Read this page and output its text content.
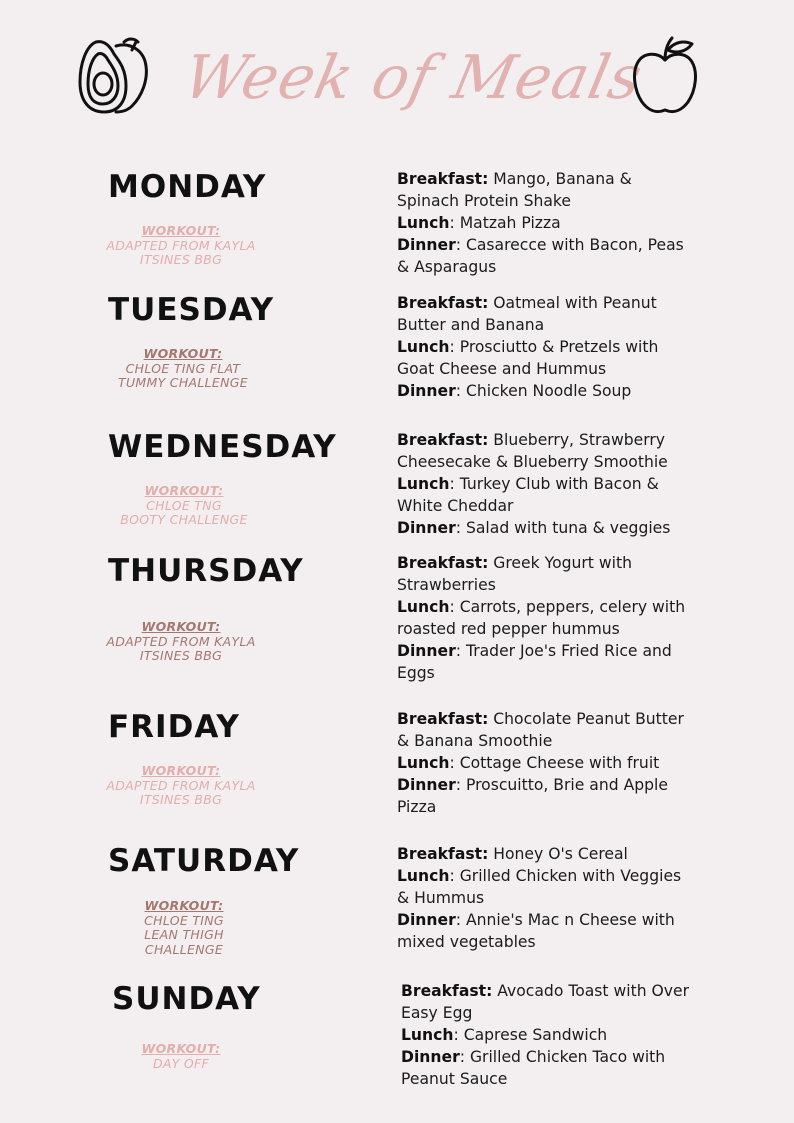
Week of Meals
MONDAY
WORKOUT:
ADAPTED FROM KAYLA
ITSINES BBG
Breakfast: Mango, Banana & Spinach Protein Shake
Lunch: Matzah Pizza
Dinner: Casarecce with Bacon, Peas & Asparagus
TUESDAY
WORKOUT:
CHLOE TING FLAT
TUMMY CHALLENGE
Breakfast: Oatmeal with Peanut Butter and Banana
Lunch: Prosciutto & Pretzels with Goat Cheese and Hummus
Dinner: Chicken Noodle Soup
WEDNESDAY
WORKOUT:
CHLOE TNG
BOOTY CHALLENGE
Breakfast: Blueberry, Strawberry Cheesecake & Blueberry Smoothie
Lunch: Turkey Club with Bacon & White Cheddar
Dinner: Salad with tuna & veggies
THURSDAY
WORKOUT:
ADAPTED FROM KAYLA
ITSINES BBG
Breakfast: Greek Yogurt with Strawberries
Lunch: Carrots, peppers, celery with roasted red pepper hummus
Dinner: Trader Joe's Fried Rice and Eggs
FRIDAY
WORKOUT:
ADAPTED FROM KAYLA
ITSINES BBG
Breakfast: Chocolate Peanut Butter & Banana Smoothie
Lunch: Cottage Cheese with fruit
Dinner: Proscuitto, Brie and Apple Pizza
SATURDAY
WORKOUT:
CHLOE TING
LEAN THIGH CHALLENGE
Breakfast: Honey O's Cereal
Lunch: Grilled Chicken with Veggies & Hummus
Dinner: Annie's Mac n Cheese with mixed vegetables
SUNDAY
WORKOUT:
DAY OFF
Breakfast: Avocado Toast with Over Easy Egg
Lunch: Caprese Sandwich
Dinner: Grilled Chicken Taco with Peanut Sauce
